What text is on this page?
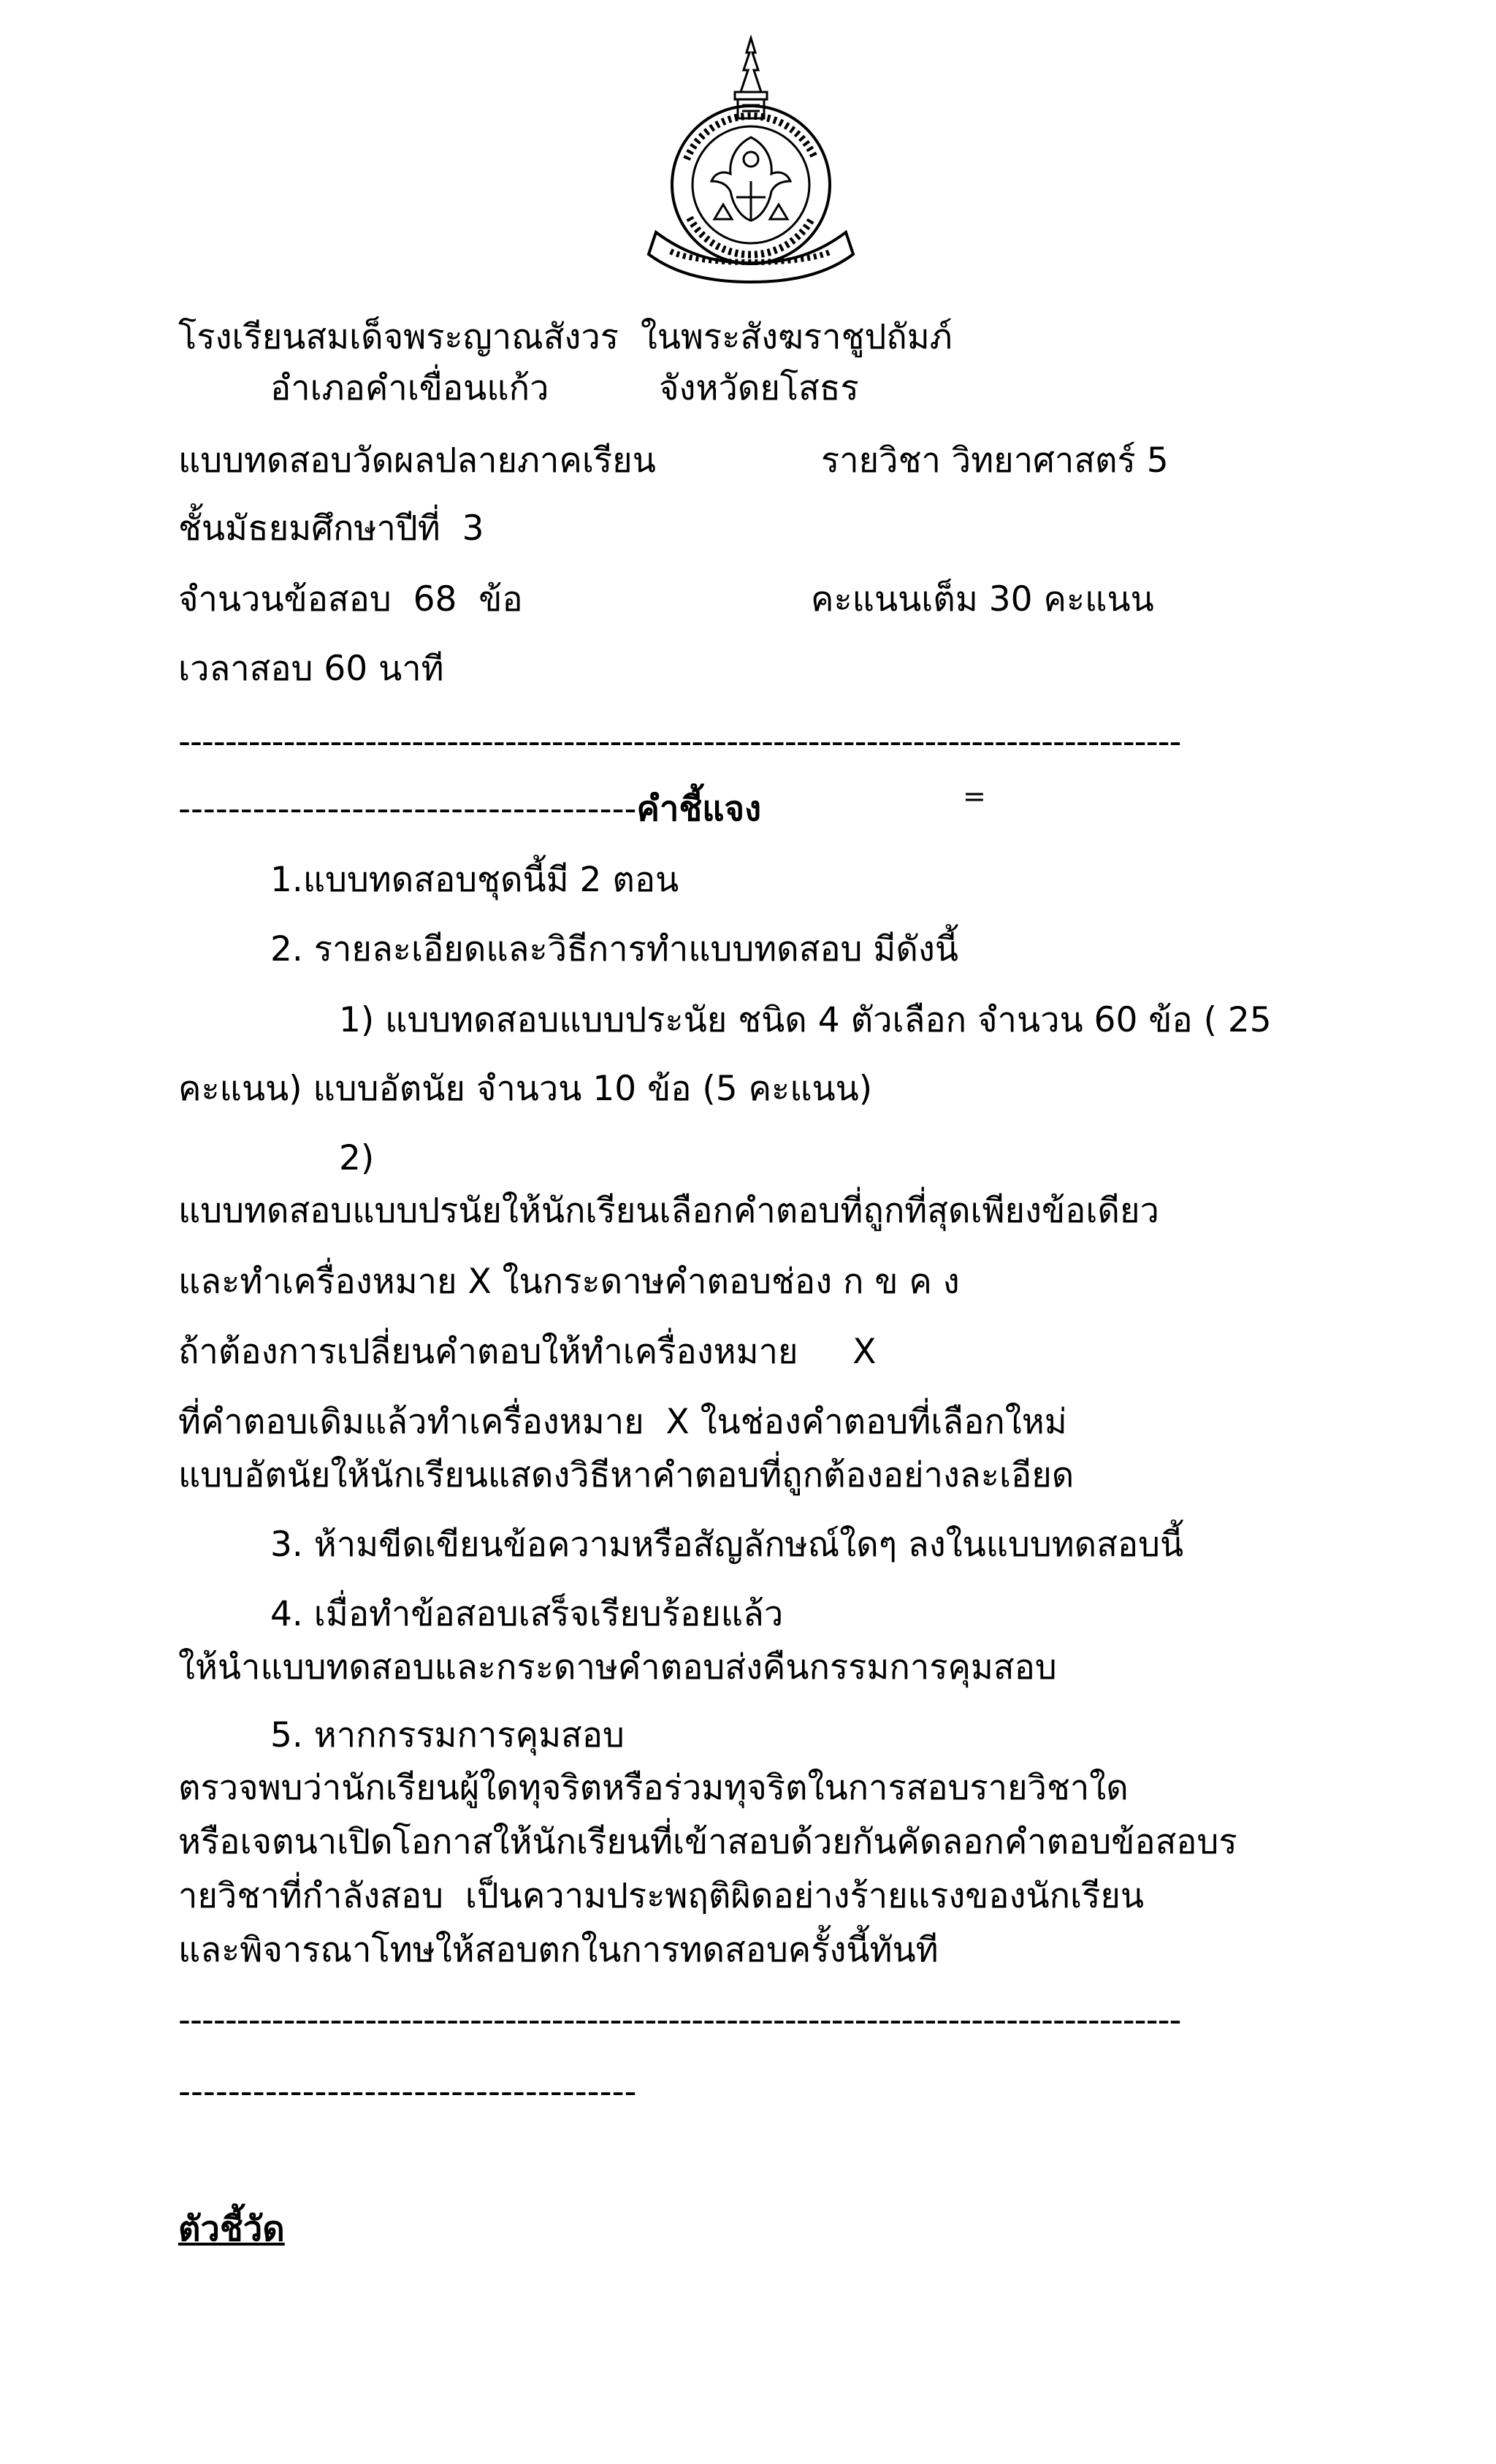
โรงเรียนสมเด็จพระญาณสังวร  ในพระสังฆราชูปถัมภ์
อำเภอคำเขื่อนแก้ว	จังหวัดยโสธร
แบบทดสอบวัดผลปลายภาคเรียน	รายวิชา วิทยาศาสตร์ 5
ชั้นมัธยมศึกษาปีที่  3
จำนวนข้อสอบ  68  ข้อ	คะแนนเต็ม 30 คะแนน
เวลาสอบ 60 นาที
--------------------------------------------------------------------------------------
-------------------------------------คำชี้แจง	=
1.แบบทดสอบชุดนี้มี 2 ตอน
2. รายละเอียดและวิธีการทำแบบทดสอบ มีดังนี้
1) แบบทดสอบแบบประนัย ชนิด 4 ตัวเลือก จำนวน 60 ข้อ ( 25
คะแนน) แบบอัตนัย จำนวน 10 ข้อ (5 คะแนน)
2)
แบบทดสอบแบบปรนัยให้นักเรียนเลือกคำตอบที่ถูกที่สุดเพียงข้อเดียว
และทำเครื่องหมาย X ในกระดาษคำตอบช่อง ก ข ค ง
ถ้าต้องการเปลี่ยนคำตอบให้ทำเครื่องหมาย     X
ที่คำตอบเดิมแล้วทำเครื่องหมาย  X ในช่องคำตอบที่เลือกใหม่
แบบอัตนัยให้นักเรียนแสดงวิธีหาคำตอบที่ถูกต้องอย่างละเอียด
3. ห้ามขีดเขียนข้อความหรือสัญลักษณ์ใดๆ ลงในแบบทดสอบนี้
4. เมื่อทำข้อสอบเสร็จเรียบร้อยแล้ว
ให้นำแบบทดสอบและกระดาษคำตอบส่งคืนกรรมการคุมสอบ
5. หากกรรมการคุมสอบ
ตรวจพบว่านักเรียนผู้ใดทุจริตหรือร่วมทุจริตในการสอบรายวิชาใด
หรือเจตนาเปิดโอกาสให้นักเรียนที่เข้าสอบด้วยกันคัดลอกคำตอบข้อสอบร
ายวิชาที่กำลังสอบ  เป็นความประพฤติผิดอย่างร้ายแรงของนักเรียน
และพิจารณาโทษให้สอบตกในการทดสอบครั้งนี้ทันที
--------------------------------------------------------------------------------------
-------------------------------------
ตัวชี้วัด
